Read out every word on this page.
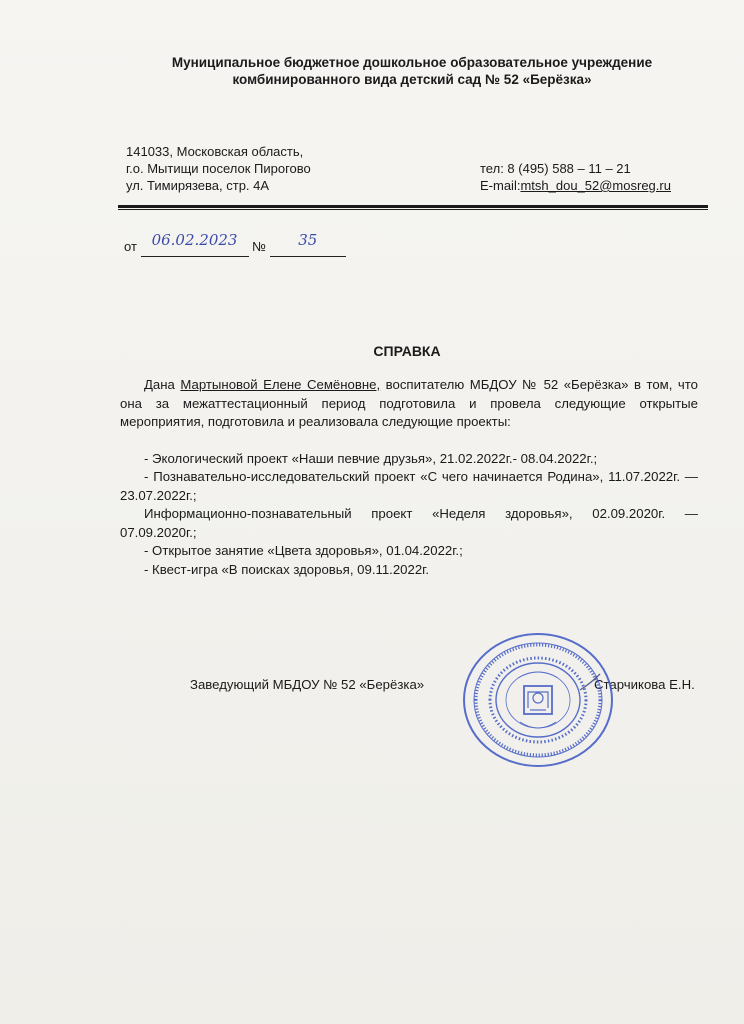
Муниципальное бюджетное дошкольное образовательное учреждение
комбинированного вида детский сад № 52 «Берёзка»
141033, Московская область,
г.о. Мытищи поселок Пирогово
ул. Тимирязева, стр. 4А
тел: 8 (495) 588 – 11 – 21
E-mail:mtsh_dou_52@mosreg.ru
от 06.02.2023 № 35
СПРАВКА

Дана Мартыновой Елене Семёновне, воспитателю МБДОУ № 52 «Берёзка» в том, что она за межаттестационный период подготовила и провела следующие открытые мероприятия, подготовила и реализовала следующие проекты:

- Экологический проект «Наши певчие друзья», 21.02.2022г.- 08.04.2022г.;

- Познавательно-исследовательский проект «С чего начинается Родина», 11.07.2022г. — 23.07.2022г.;

Информационно-познавательный проект «Неделя здоровья», 02.09.2020г. — 07.09.2020г.;

- Открытое занятие «Цвета здоровья», 01.04.2022г.;

- Квест-игра «В поисках здоровья, 09.11.2022г.

Заведующий МБДОУ № 52 «Берёзка»	Старчикова Е.Н.
